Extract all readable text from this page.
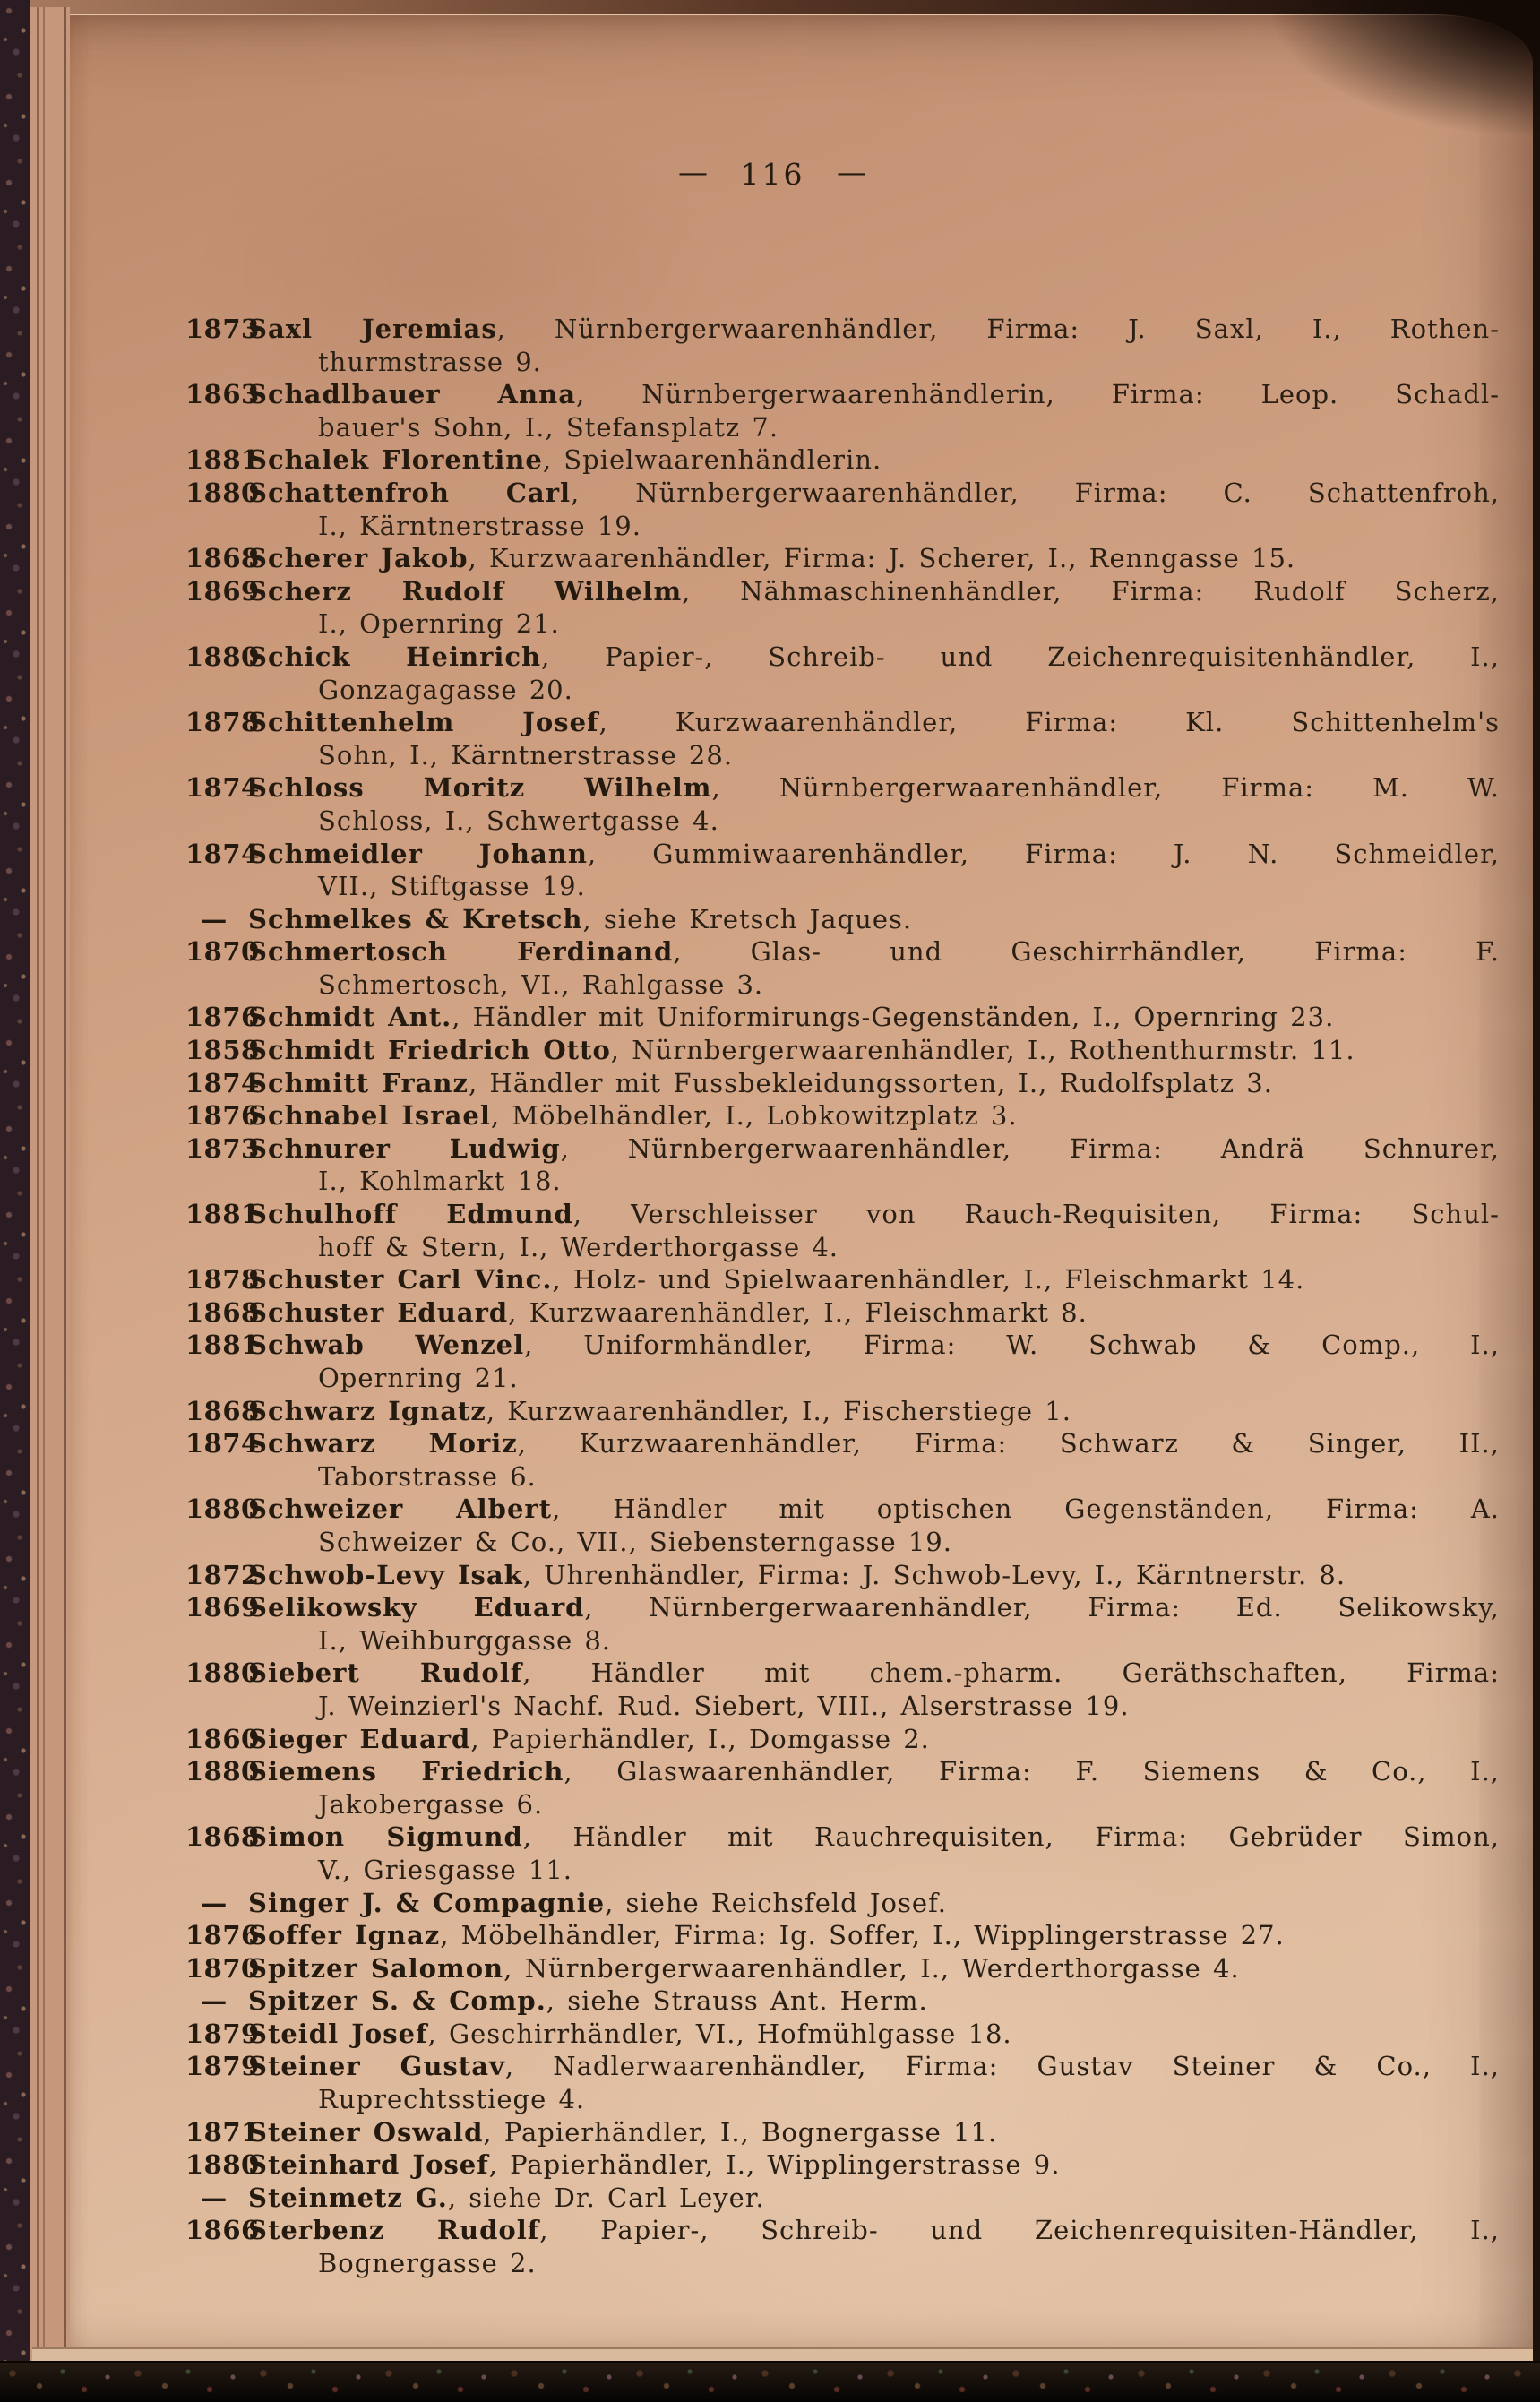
— 116 —
1873
Saxl Jeremias, Nürnbergerwaarenhändler, Firma: J. Saxl, I., Rothen-
thurmstrasse 9.
1863
Schadlbauer Anna, Nürnbergerwaarenhändlerin, Firma: Leop. Schadl-
bauer's Sohn, I., Stefansplatz 7.
1881
Schalek Florentine, Spielwaarenhändlerin.
1880
Schattenfroh Carl, Nürnbergerwaarenhändler, Firma: C. Schattenfroh,
I., Kärntnerstrasse 19.
1868
Scherer Jakob, Kurzwaarenhändler, Firma: J. Scherer, I., Renngasse 15.
1869
Scherz Rudolf Wilhelm, Nähmaschinenhändler, Firma: Rudolf Scherz,
I., Opernring 21.
1880
Schick Heinrich, Papier-, Schreib- und Zeichenrequisitenhändler, I.,
Gonzagagasse 20.
1878
Schittenhelm Josef, Kurzwaarenhändler, Firma: Kl. Schittenhelm's
Sohn, I., Kärntnerstrasse 28.
1874
Schloss Moritz Wilhelm, Nürnbergerwaarenhändler, Firma: M. W.
Schloss, I., Schwertgasse 4.
1874
Schmeidler Johann, Gummiwaarenhändler, Firma: J. N. Schmeidler,
VII., Stiftgasse 19.
— Schmelkes & Kretsch, siehe Kretsch Jaques.
1870
Schmertosch Ferdinand, Glas- und Geschirrhändler, Firma: F.
Schmertosch, VI., Rahlgasse 3.
1876
Schmidt Ant., Händler mit Uniformirungs-Gegenständen, I., Opernring 23.
1858
Schmidt Friedrich Otto, Nürnbergerwaarenhändler, I., Rothenthurmstr. 11.
1874
Schmitt Franz, Händler mit Fussbekleidungssorten, I., Rudolfsplatz 3.
1876
Schnabel Israel, Möbelhändler, I., Lobkowitzplatz 3.
1873
Schnurer Ludwig, Nürnbergerwaarenhändler, Firma: Andrä Schnurer,
I., Kohlmarkt 18.
1881
Schulhoff Edmund, Verschleisser von Rauch-Requisiten, Firma: Schul-
hoff & Stern, I., Werderthorgasse 4.
1878
Schuster Carl Vinc., Holz- und Spielwaarenhändler, I., Fleischmarkt 14.
1868
Schuster Eduard, Kurzwaarenhändler, I., Fleischmarkt 8.
1881
Schwab Wenzel, Uniformhändler, Firma: W. Schwab & Comp., I.,
Opernring 21.
1868
Schwarz Ignatz, Kurzwaarenhändler, I., Fischerstiege 1.
1874
Schwarz Moriz, Kurzwaarenhändler, Firma: Schwarz & Singer, II.,
Taborstrasse 6.
1880
Schweizer Albert, Händler mit optischen Gegenständen, Firma: A.
Schweizer & Co., VII., Siebensterngasse 19.
1872
Schwob-Levy Isak, Uhrenhändler, Firma: J. Schwob-Levy, I., Kärntnerstr. 8.
1869
Selikowsky Eduard, Nürnbergerwaarenhändler, Firma: Ed. Selikowsky,
I., Weihburggasse 8.
1880
Siebert Rudolf, Händler mit chem.-pharm. Geräthschaften, Firma:
J. Weinzierl's Nachf. Rud. Siebert, VIII., Alserstrasse 19.
1860
Sieger Eduard, Papierhändler, I., Domgasse 2.
1880
Siemens Friedrich, Glaswaarenhändler, Firma: F. Siemens & Co., I.,
Jakobergasse 6.
1868
Simon Sigmund, Händler mit Rauchrequisiten, Firma: Gebrüder Simon,
V., Griesgasse 11.
— Singer J. & Compagnie, siehe Reichsfeld Josef.
1876
Soffer Ignaz, Möbelhändler, Firma: Ig. Soffer, I., Wipplingerstrasse 27.
1870
Spitzer Salomon, Nürnbergerwaarenhändler, I., Werderthorgasse 4.
— Spitzer S. & Comp., siehe Strauss Ant. Herm.
1879
Steidl Josef, Geschirrhändler, VI., Hofmühlgasse 18.
1879
Steiner Gustav, Nadlerwaarenhändler, Firma: Gustav Steiner & Co., I.,
Ruprechtsstiege 4.
1871
Steiner Oswald, Papierhändler, I., Bognergasse 11.
1880
Steinhard Josef, Papierhändler, I., Wipplingerstrasse 9.
— Steinmetz G., siehe Dr. Carl Leyer.
1866
Sterbenz Rudolf, Papier-, Schreib- und Zeichenrequisiten-Händler, I.,
Bognergasse 2.
